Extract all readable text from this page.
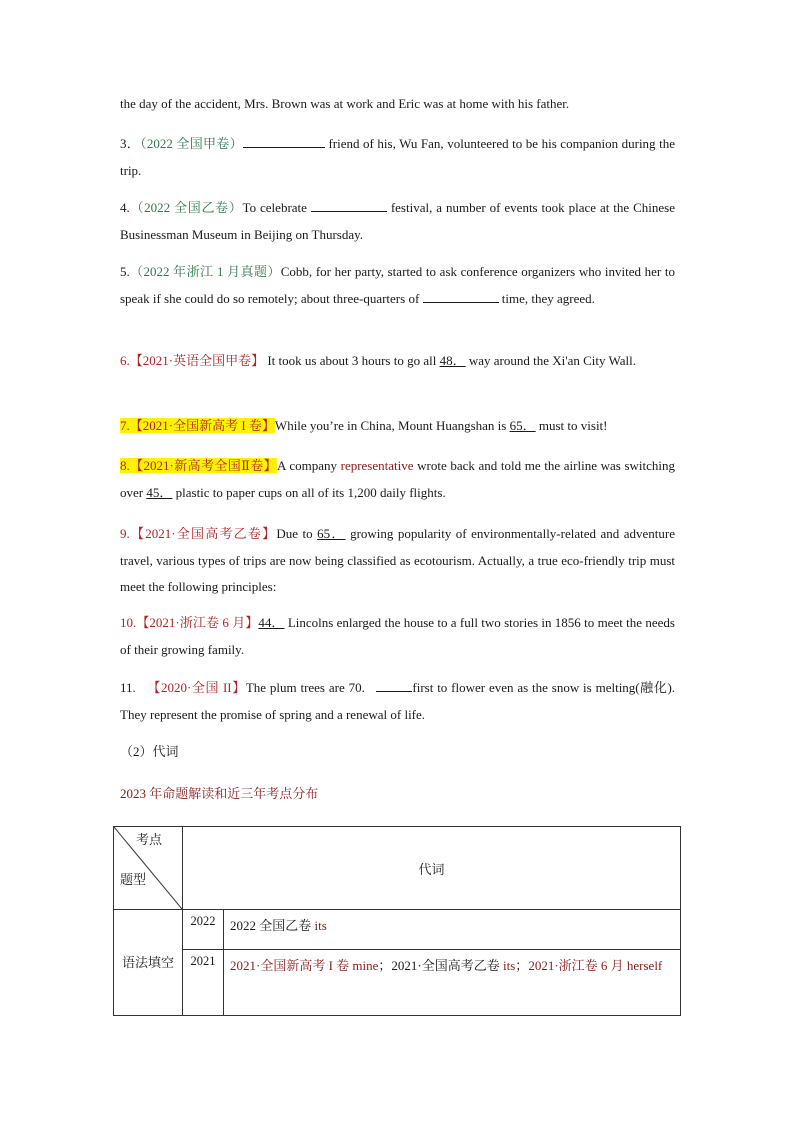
the day of the accident, Mrs. Brown was at work and Eric was at home with his father.

3．（2022 全国甲卷）	friend of his, Wu Fan, volunteered to be his companion during the trip.

4.（2022 全国乙卷）To celebrate	festival, a number of events took place at the Chinese Businessman Museum in Beijing on Thursday.

5.（2022 年浙江 1 月真题）Cobb, for her party, started to ask conference organizers who invited her to speak if she could do so remotely; about three-quarters of	time, they agreed.

6.【2021·英语全国甲卷】 It took us about 3 hours to go all 48． way around the Xi'an City Wall.

7.【2021·全国新高考 I 卷】While you’re in China, Mount Huangshan is 65． must to visit!

8.【2021·新高考全国Ⅱ卷】A company representative wrote back and told me the airline was switching over 45． plastic to paper cups on all of its 1,200 daily flights.

9.【2021·全国高考乙卷】Due to 65． growing popularity of environmentally-related and adventure travel, various types of trips are now being classified as ecotourism. Actually, a true eco-friendly trip must meet the following principles:

10.【2021·浙江卷 6 月】44． Lincolns enlarged the house to a full two stories in 1856 to meet the needs of their growing family.

11. 【2020·全国 II】The plum trees are 70.	first to flower even as the snow is melting(融化). They represent the promise of spring and a renewal of life.

（2）代词
2023 年命题解读和近三年考点分布
考点
题型	代词	
语法填空	2022	2022 全国乙卷 its
	2021	2021·全国新高考 I 卷 mine；2021·全国高考乙卷 its；2021·浙江卷 6 月 herself
